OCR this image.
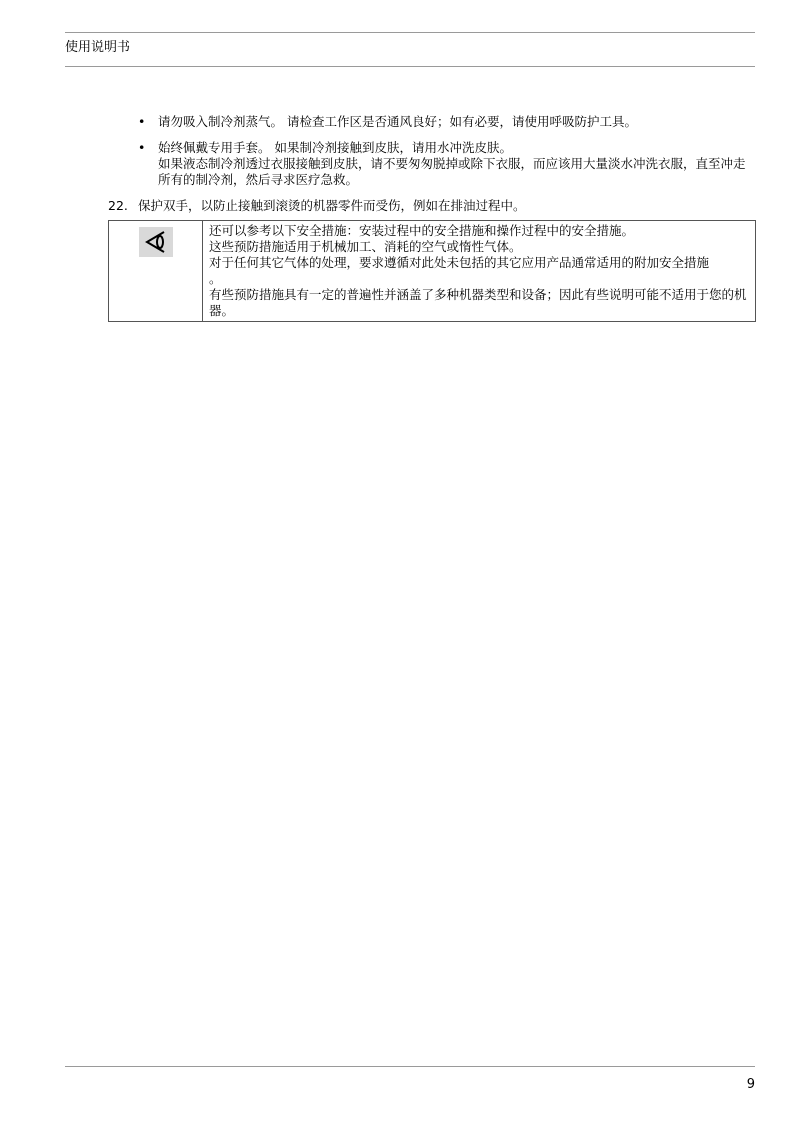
使用说明书
• 请勿吸入制冷剂蒸气。 请检查工作区是否通风良好；如有必要，请使用呼吸防护工具。

• 始终佩戴专用手套。 如果制冷剂接触到皮肤，请用水冲洗皮肤。

如果液态制冷剂透过衣服接触到皮肤，请不要匆匆脱掉或除下衣服，而应该用大量淡水冲洗衣服，直至冲走所有的制冷剂，然后寻求医疗急救。

22. 保护双手，以防止接触到滚烫的机器零件而受伤，例如在排油过程中。

还可以参考以下安全措施：安装过程中的安全措施和操作过程中的安全措施。

这些预防措施适用于机械加工、消耗的空气或惰性气体。

对于任何其它气体的处理，要求遵循对此处未包括的其它应用产品通常适用的附加安全措施

。

有些预防措施具有一定的普遍性并涵盖了多种机器类型和设备；因此有些说明可能不适用于您的机器。

9
